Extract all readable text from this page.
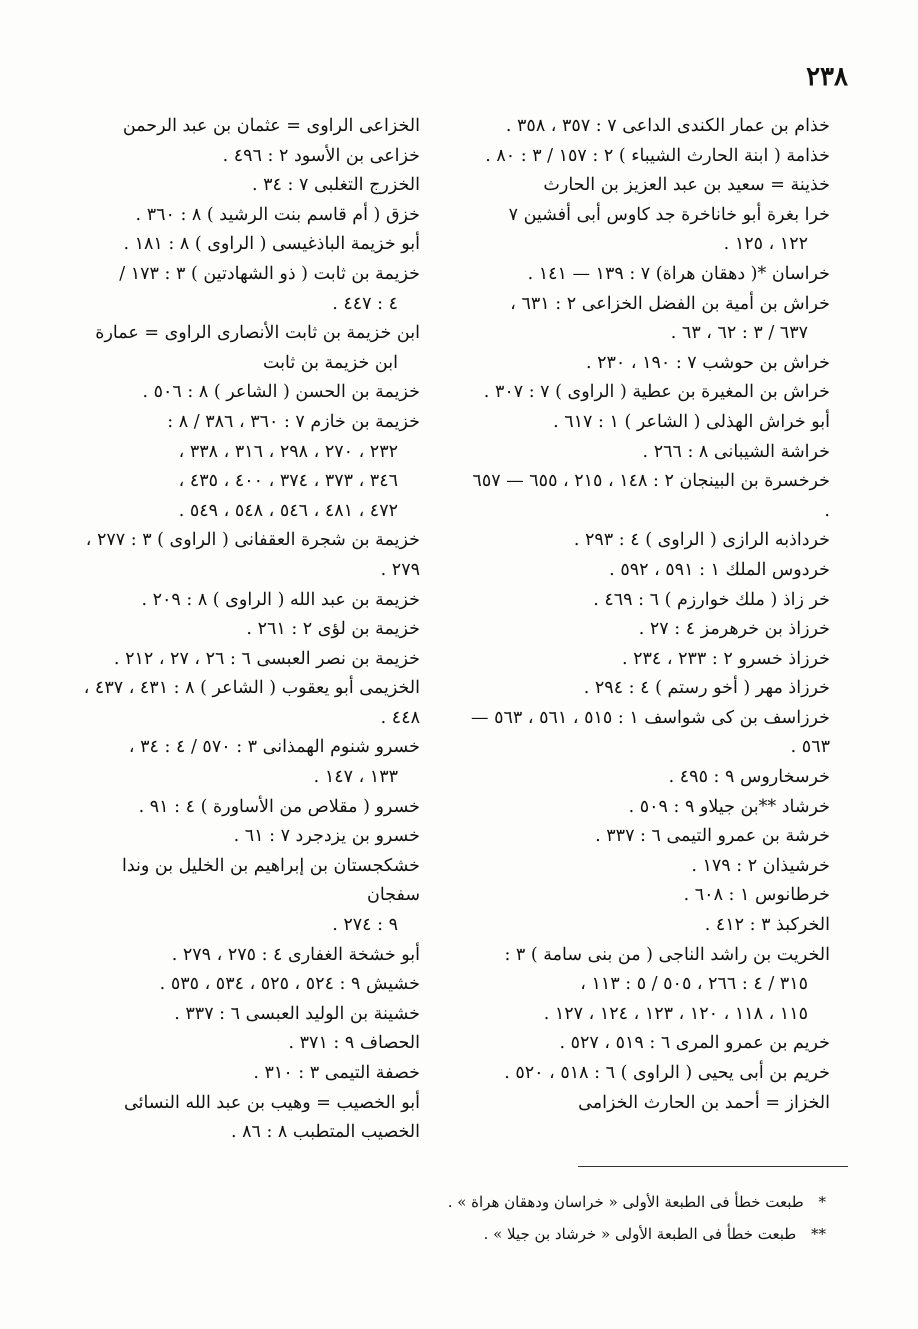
٢٣٨
خذام بن عمار الكندى الداعى ٧ : ٣٥٧ ، ٣٥٨ .
خذامة ( ابنة الحارث الشيباء ) ٢ : ١٥٧ / ٣ : ٨٠ .
خذينة = سعيد بن عبد العزيز بن الحارث
خرا بغرة أبو خاناخرة جد كاوس أبى أفشين ٧
١٢٢ ، ١٢٥ .
خراسان *( دهقان هراة) ٧ : ١٣٩ — ١٤١ .
خراش بن أمية بن الفضل الخزاعى ٢ : ٦٣١ ،
٦٣٧ / ٣ : ٦٢ ، ٦٣ .
خراش بن حوشب ٧ : ١٩٠ ، ٢٣٠ .
خراش بن المغيرة بن عطية ( الراوى ) ٧ : ٣٠٧ .
أبو خراش الهذلى ( الشاعر ) ١ : ٦١٧ .
خراشة الشيبانى ٨ : ٢٦٦ .
خرخسرة بن البينجان ٢ : ١٤٨ ، ٢١٥ ، ٦٥٥ — ٦٥٧ .
خرداذبه الرازى ( الراوى ) ٤ : ٢٩٣ .
خردوس الملك ١ : ٥٩١ ، ٥٩٢ .
خر زاذ ( ملك خوارزم ) ٦ : ٤٦٩ .
خرزاذ بن خرهرمز ٤ : ٢٧ .
خرزاذ خسرو ٢ : ٢٣٣ ، ٢٣٤ .
خرزاذ مهر ( أخو رستم ) ٤ : ٢٩٤ .
خرزاسف بن كى شواسف ١ : ٥١٥ ، ٥٦١ ، ٥٦٣ — ٥٦٣ .
خرسخاروس ٩ : ٤٩٥ .
خرشاد **بن جيلاو ٩ : ٥٠٩ .
خرشة بن عمرو التيمى ٦ : ٣٣٧ .
خرشيذان ٢ : ١٧٩ .
خرطانوس ١ : ٦٠٨ .
الخركبذ ٣ : ٤١٢ .
الخريت بن راشد الناجى ( من بنى سامة ) ٣ :
٣١٥ / ٤ : ٢٦٦ ، ٥٠٥ / ٥ : ١١٣ ،
١١٥ ، ١١٨ ، ١٢٠ ، ١٢٣ ، ١٢٤ ، ١٢٧ .
خريم بن عمرو المرى ٦ : ٥١٩ ، ٥٢٧ .
خريم بن أبى يحيى ( الراوى ) ٦ : ٥١٨ ، ٥٢٠ .
الخزاز = أحمد بن الحارث الخزامى
الخزاعى الراوى = عثمان بن عبد الرحمن
خزاعى بن الأسود ٢ : ٤٩٦ .
الخزرج التغلبى ٧ : ٣٤ .
خزق ( أم قاسم بنت الرشيد ) ٨ : ٣٦٠ .
أبو خزيمة الباذغيسى ( الراوى ) ٨ : ١٨١ .
خزيمة بن ثابت ( ذو الشهادتين ) ٣ : ١٧٣ /
٤ : ٤٤٧ .
ابن خزيمة بن ثابت الأنصارى الراوى = عمارة
ابن خزيمة بن ثابت
خزيمة بن الحسن ( الشاعر ) ٨ : ٥٠٦ .
خزيمة بن خازم ٧ : ٣٦٠ ، ٣٨٦ / ٨ :
٢٣٢ ، ٢٧٠ ، ٢٩٨ ، ٣١٦ ، ٣٣٨ ،
٣٤٦ ، ٣٧٣ ، ٣٧٤ ، ٤٠٠ ، ٤٣٥ ،
٤٧٢ ، ٤٨١ ، ٥٤٦ ، ٥٤٨ ، ٥٤٩ .
خزيمة بن شجرة العقفانى ( الراوى ) ٣ : ٢٧٧ ، ٢٧٩ .
خزيمة بن عبد الله ( الراوى ) ٨ : ٢٠٩ .
خزيمة بن لؤى ٢ : ٢٦١ .
خزيمة بن نصر العبسى ٦ : ٢٦ ، ٢٧ ، ٢١٢ .
الخزيمى أبو يعقوب ( الشاعر ) ٨ : ٤٣١ ، ٤٣٧ ، ٤٤٨ .
خسرو شنوم الهمذانى ٣ : ٥٧٠ / ٤ : ٣٤ ،
١٣٣ ، ١٤٧ .
خسرو ( مقلاص من الأساورة ) ٤ : ٩١ .
خسرو بن يزدجرد ٧ : ٦١ .
خشكجستان بن إبراهيم بن الخليل بن وندا سفجان
٩ : ٢٧٤ .
أبو خشخة الغفارى ٤ : ٢٧٥ ، ٢٧٩ .
خشيش ٩ : ٥٢٤ ، ٥٢٥ ، ٥٣٤ ، ٥٣٥ .
خشينة بن الوليد العبسى ٦ : ٣٣٧ .
الحصاف ٩ : ٣٧١ .
خصفة التيمى ٣ : ٣١٠ .
أبو الخصيب = وهيب بن عبد الله النسائى
الخصيب المتطبب ٨ : ٨٦ .
* طبعت خطأ فى الطبعة الأولى « خراسان ودهقان هراة » .
** طبعت خطأ فى الطبعة الأولى « خرشاد بن جيلا » .
